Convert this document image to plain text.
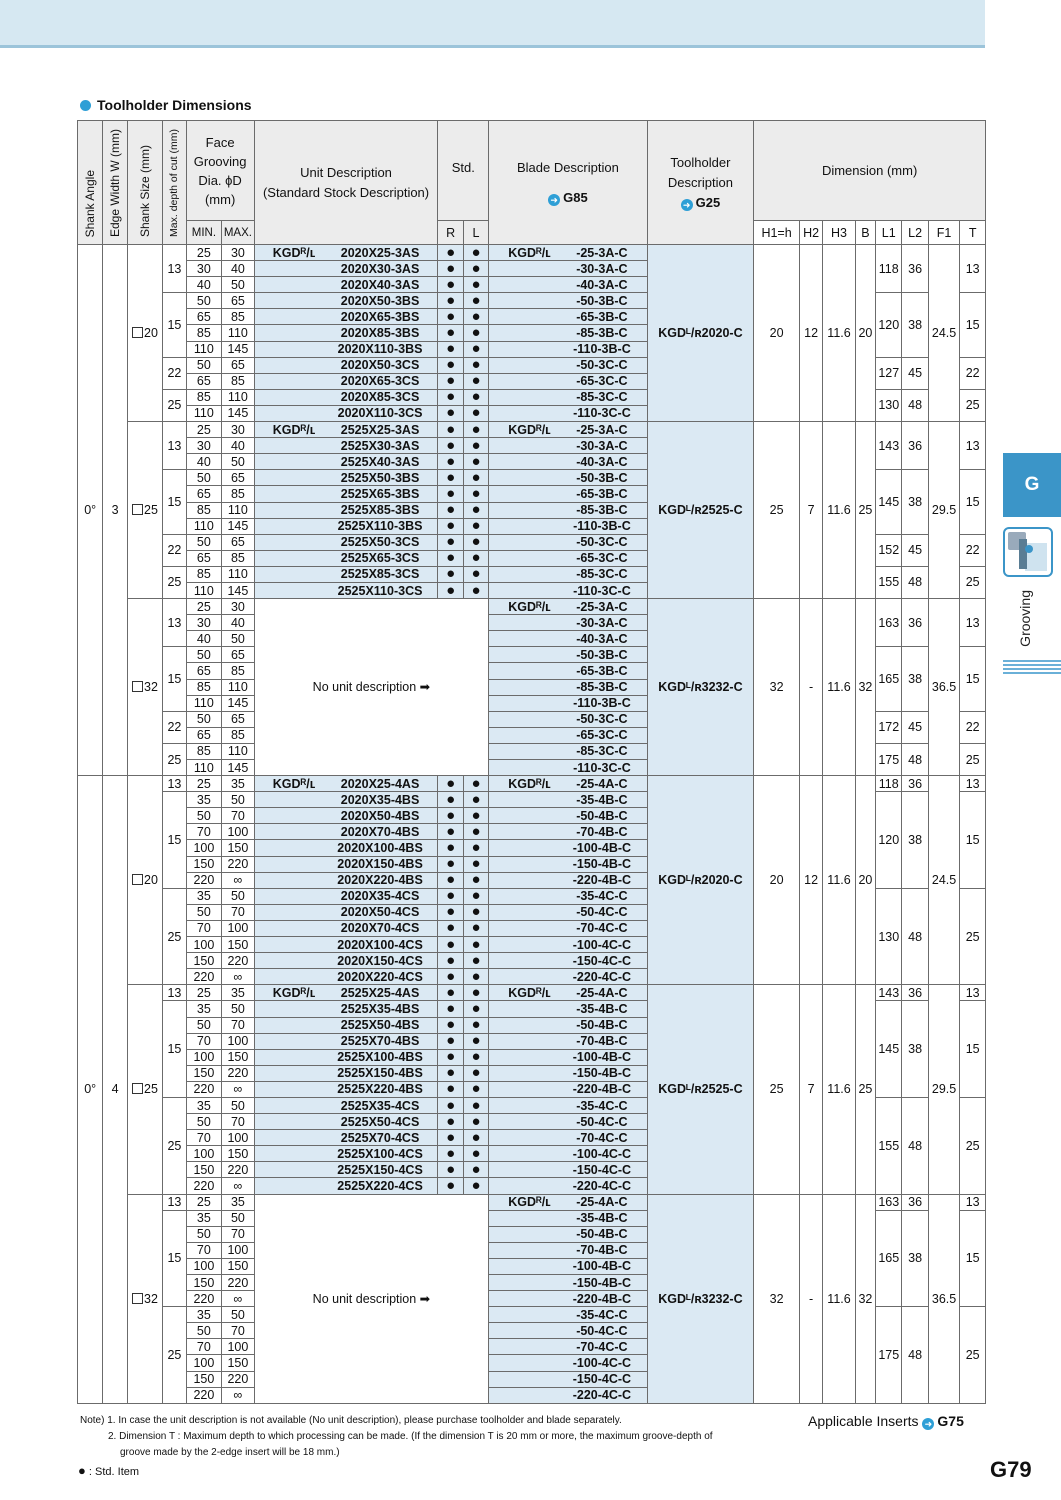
Toolholder Dimensions
Shank Angle	Edge Width W (mm)	Shank Size (mm)	Max. depth of cut (mm)	Face Grooving Dia. ϕD (mm)		Unit Description
(Standard Stock Description)	Std.		Blade Description
➜ G85	Toolholder
Description
➜ G25	Dimension (mm)							
				MIN.	MAX.		R	L			H1=h	H2	H3	B	L1	L2	F1	T
0°	3	20	13	25	30	KGDᴿ/ʟ 2020X25-3AS	●	●	KGDᴿ/ʟ -25-3A-C	KGDᴸ/ʀ2020-C	20	12	11.6	20	118	36	24.5	13
				30	40	2020X30-3AS	●	●	-30-3A-C									
				40	50	2020X40-3AS	●	●	-40-3A-C									
			15	50	65	2020X50-3BS	●	●	-50-3B-C						120	38		15
				65	85	2020X65-3BS	●	●	-65-3B-C									
				85	110	2020X85-3BS	●	●	-85-3B-C									
				110	145	2020X110-3BS	●	●	-110-3B-C									
			22	50	65	2020X50-3CS	●	●	-50-3C-C						127	45		22
				65	85	2020X65-3CS	●	●	-65-3C-C									
			25	85	110	2020X85-3CS	●	●	-85-3C-C						130	48		25
				110	145	2020X110-3CS	●	●	-110-3C-C									
		25	13	25	30	KGDᴿ/ʟ 2525X25-3AS	●	●	KGDᴿ/ʟ -25-3A-C	KGDᴸ/ʀ2525-C	25	7	11.6	25	143	36	29.5	13
				30	40	2525X30-3AS	●	●	-30-3A-C									
				40	50	2525X40-3AS	●	●	-40-3A-C									
			15	50	65	2525X50-3BS	●	●	-50-3B-C						145	38		15
				65	85	2525X65-3BS	●	●	-65-3B-C									
				85	110	2525X85-3BS	●	●	-85-3B-C									
				110	145	2525X110-3BS	●	●	-110-3B-C									
			22	50	65	2525X50-3CS	●	●	-50-3C-C						152	45		22
				65	85	2525X65-3CS	●	●	-65-3C-C									
			25	85	110	2525X85-3CS	●	●	-85-3C-C						155	48		25
				110	145	2525X110-3CS	●	●	-110-3C-C									
		32	13	25	30	No unit description ➡			KGDᴿ/ʟ -25-3A-C	KGDᴸ/ʀ3232-C	32	-	11.6	32	163	36	36.5	13
				30	40				-30-3A-C									
				40	50				-40-3A-C									
			15	50	65				-50-3B-C						165	38		15
				65	85				-65-3B-C									
				85	110				-85-3B-C									
				110	145				-110-3B-C									
			22	50	65				-50-3C-C						172	45		22
				65	85				-65-3C-C									
			25	85	110				-85-3C-C						175	48		25
				110	145				-110-3C-C									
0°	4	20	13	25	35	KGDᴿ/ʟ 2020X25-4AS	●	●	KGDᴿ/ʟ -25-4A-C	KGDᴸ/ʀ2020-C	20	12	11.6	20	118	36	24.5	13
			15	35	50	2020X35-4BS	●	●	-35-4B-C						120	38		15
				50	70	2020X50-4BS	●	●	-50-4B-C									
				70	100	2020X70-4BS	●	●	-70-4B-C									
				100	150	2020X100-4BS	●	●	-100-4B-C									
				150	220	2020X150-4BS	●	●	-150-4B-C									
				220	∞	2020X220-4BS	●	●	-220-4B-C									
			25	35	50	2020X35-4CS	●	●	-35-4C-C						130	48		25
				50	70	2020X50-4CS	●	●	-50-4C-C									
				70	100	2020X70-4CS	●	●	-70-4C-C									
				100	150	2020X100-4CS	●	●	-100-4C-C									
				150	220	2020X150-4CS	●	●	-150-4C-C									
				220	∞	2020X220-4CS	●	●	-220-4C-C									
		25	13	25	35	KGDᴿ/ʟ 2525X25-4AS	●	●	KGDᴿ/ʟ -25-4A-C	KGDᴸ/ʀ2525-C	25	7	11.6	25	143	36	29.5	13
			15	35	50	2525X35-4BS	●	●	-35-4B-C						145	38		15
				50	70	2525X50-4BS	●	●	-50-4B-C									
				70	100	2525X70-4BS	●	●	-70-4B-C									
				100	150	2525X100-4BS	●	●	-100-4B-C									
				150	220	2525X150-4BS	●	●	-150-4B-C									
				220	∞	2525X220-4BS	●	●	-220-4B-C									
			25	35	50	2525X35-4CS	●	●	-35-4C-C						155	48		25
				50	70	2525X50-4CS	●	●	-50-4C-C									
				70	100	2525X70-4CS	●	●	-70-4C-C									
				100	150	2525X100-4CS	●	●	-100-4C-C									
				150	220	2525X150-4CS	●	●	-150-4C-C									
				220	∞	2525X220-4CS	●	●	-220-4C-C									
		32	13	25	35	No unit description ➡			KGDᴿ/ʟ -25-4A-C	KGDᴸ/ʀ3232-C	32	-	11.6	32	163	36	36.5	13
			15	35	50				-35-4B-C						165	38		15
				50	70				-50-4B-C									
				70	100				-70-4B-C									
				100	150				-100-4B-C									
				150	220				-150-4B-C									
				220	∞				-220-4B-C									
			25	35	50				-35-4C-C						175	48		25
				50	70				-50-4C-C									
				70	100				-70-4C-C									
				100	150				-100-4C-C									
				150	220				-150-4C-C									
				220	∞				-220-4C-C									
Note) 1. In case the unit description is not available (No unit description), please purchase toolholder and blade separately.
2. Dimension T : Maximum depth to which processing can be made. (If the dimension T is 20 mm or more, the maximum groove-depth of
groove made by the 2-edge insert will be 18 mm.)
● : Std. Item
Applicable Inserts ➜ G75
G79
G
Grooving
